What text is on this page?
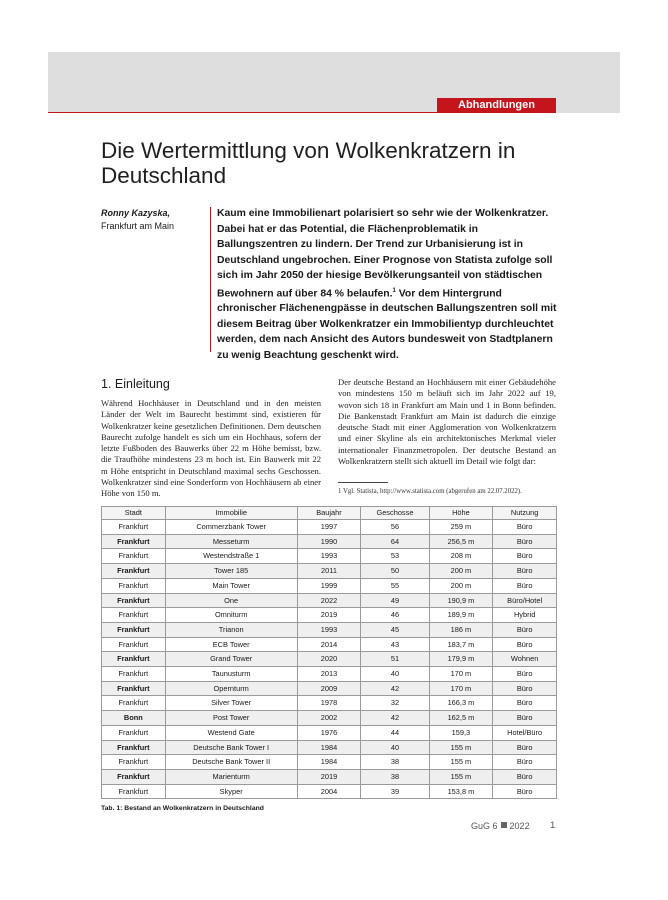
Abhandlungen
Die Wertermittlung von Wolkenkratzern in Deutschland
Ronny Kazyska,
Frankfurt am Main

Kaum eine Immobilienart polarisiert so sehr wie der Wolkenkratzer. Dabei hat er das Potential, die Flächenproblematik in Ballungszentren zu lindern. Der Trend zur Urbanisierung ist in Deutschland ungebrochen. Einer Prognose von Statista zufolge soll sich im Jahr 2050 der hiesige Bevölkerungsanteil von städtischen Bewohnern auf über 84 % belaufen.$^1$ Vor dem Hintergrund chronischer Flächenengpässe in deutschen Ballungszentren soll mit diesem Beitrag über Wolkenkratzer ein Immobilientyp durchleuchtet werden, dem nach Ansicht des Autors bundesweit von Stadtplanern zu wenig Beachtung geschenkt wird.

1. Einleitung

Während Hochhäuser in Deutschland und in den meisten Länder der Welt im Baurecht bestimmt sind, existieren für Wolkenkratzer keine gesetzlichen Definitionen. Dem deutschen Baurecht zufolge handelt es sich um ein Hochhaus, sofern der letzte Fußboden des Bauwerks über 22 m Höhe bemisst, bzw. die Traufhöhe mindestens 23 m hoch ist. Ein Bauwerk mit 22 m Höhe entspricht in Deutschland maximal sechs Geschossen. Wolkenkratzer sind eine Sonderform von Hochhäusern ab einer Höhe von 150 m.

Der deutsche Bestand an Hochhäusern mit einer Gebäudehöhe von mindestens 150 m beläuft sich im Jahr 2022 auf 19, wovon sich 18 in Frankfurt am Main und 1 in Bonn befinden. Die Bankenstadt Frankfurt am Main ist dadurch die einzige deutsche Stadt mit einer Agglomeration von Wolkenkratzern und einer Skyline als ein architektonisches Merkmal vieler internationaler Finanzmetropolen. Der deutsche Bestand an Wolkenkratzern stellt sich aktuell im Detail wie folgt dar:

1 Vgl. Statista, http://www.statista.com (abgerufen am 22.07.2022).

Stadt	Immobilie	Baujahr	Geschosse	Höhe	Nutzung
Frankfurt	Commerzbank Tower	1997	56	259 m	Büro
Frankfurt	Messeturm	1990	64	256,5 m	Büro
Frankfurt	Westendstraße 1	1993	53	208 m	Büro
Frankfurt	Tower 185	2011	50	200 m	Büro
Frankfurt	Main Tower	1999	55	200 m	Büro
Frankfurt	One	2022	49	190,9 m	Büro/Hotel
Frankfurt	Omniturm	2019	46	189,9 m	Hybrid
Frankfurt	Trianon	1993	45	186 m	Büro
Frankfurt	ECB Tower	2014	43	183,7 m	Büro
Frankfurt	Grand Tower	2020	51	179,9 m	Wohnen
Frankfurt	Taunusturm	2013	40	170 m	Büro
Frankfurt	Opernturm	2009	42	170 m	Büro
Frankfurt	Silver Tower	1978	32	166,3 m	Büro
Bonn	Post Tower	2002	42	162,5 m	Büro
Frankfurt	Westend Gate	1976	44	159,3	Hotel/Büro
Frankfurt	Deutsche Bank Tower I	1984	40	155 m	Büro
Frankfurt	Deutsche Bank Tower II	1984	38	155 m	Büro
Frankfurt	Marienturm	2019	38	155 m	Büro
Frankfurt	Skyper	2004	39	153,8 m	Büro

Tab. 1: Bestand an Wolkenkratzern in Deutschland

GuG 6 2022 1
